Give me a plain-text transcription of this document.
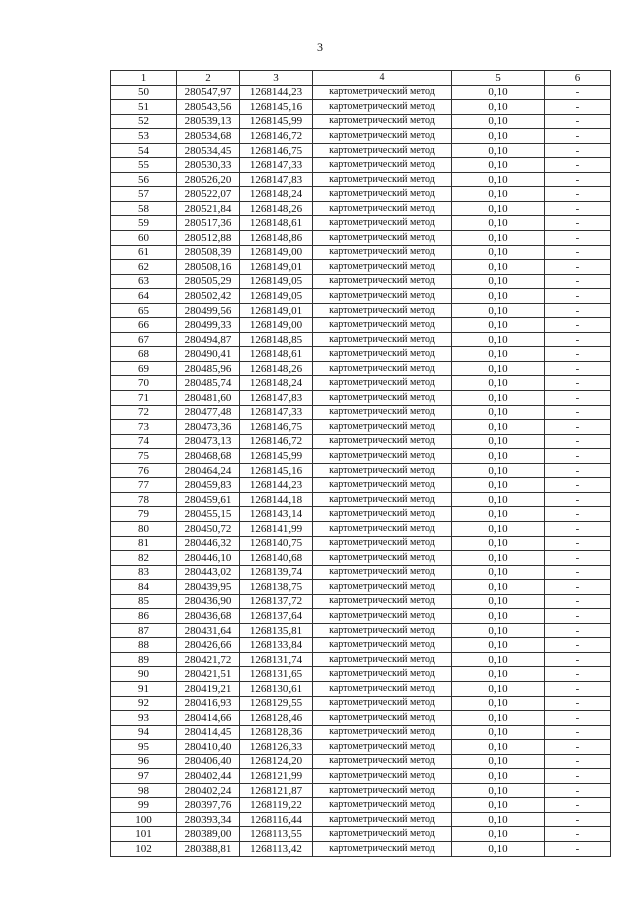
3
1	2	3	4	5	6
50	280547,97	1268144,23	картометрический метод	0,10	-
51	280543,56	1268145,16	картометрический метод	0,10	-
52	280539,13	1268145,99	картометрический метод	0,10	-
53	280534,68	1268146,72	картометрический метод	0,10	-
54	280534,45	1268146,75	картометрический метод	0,10	-
55	280530,33	1268147,33	картометрический метод	0,10	-
56	280526,20	1268147,83	картометрический метод	0,10	-
57	280522,07	1268148,24	картометрический метод	0,10	-
58	280521,84	1268148,26	картометрический метод	0,10	-
59	280517,36	1268148,61	картометрический метод	0,10	-
60	280512,88	1268148,86	картометрический метод	0,10	-
61	280508,39	1268149,00	картометрический метод	0,10	-
62	280508,16	1268149,01	картометрический метод	0,10	-
63	280505,29	1268149,05	картометрический метод	0,10	-
64	280502,42	1268149,05	картометрический метод	0,10	-
65	280499,56	1268149,01	картометрический метод	0,10	-
66	280499,33	1268149,00	картометрический метод	0,10	-
67	280494,87	1268148,85	картометрический метод	0,10	-
68	280490,41	1268148,61	картометрический метод	0,10	-
69	280485,96	1268148,26	картометрический метод	0,10	-
70	280485,74	1268148,24	картометрический метод	0,10	-
71	280481,60	1268147,83	картометрический метод	0,10	-
72	280477,48	1268147,33	картометрический метод	0,10	-
73	280473,36	1268146,75	картометрический метод	0,10	-
74	280473,13	1268146,72	картометрический метод	0,10	-
75	280468,68	1268145,99	картометрический метод	0,10	-
76	280464,24	1268145,16	картометрический метод	0,10	-
77	280459,83	1268144,23	картометрический метод	0,10	-
78	280459,61	1268144,18	картометрический метод	0,10	-
79	280455,15	1268143,14	картометрический метод	0,10	-
80	280450,72	1268141,99	картометрический метод	0,10	-
81	280446,32	1268140,75	картометрический метод	0,10	-
82	280446,10	1268140,68	картометрический метод	0,10	-
83	280443,02	1268139,74	картометрический метод	0,10	-
84	280439,95	1268138,75	картометрический метод	0,10	-
85	280436,90	1268137,72	картометрический метод	0,10	-
86	280436,68	1268137,64	картометрический метод	0,10	-
87	280431,64	1268135,81	картометрический метод	0,10	-
88	280426,66	1268133,84	картометрический метод	0,10	-
89	280421,72	1268131,74	картометрический метод	0,10	-
90	280421,51	1268131,65	картометрический метод	0,10	-
91	280419,21	1268130,61	картометрический метод	0,10	-
92	280416,93	1268129,55	картометрический метод	0,10	-
93	280414,66	1268128,46	картометрический метод	0,10	-
94	280414,45	1268128,36	картометрический метод	0,10	-
95	280410,40	1268126,33	картометрический метод	0,10	-
96	280406,40	1268124,20	картометрический метод	0,10	-
97	280402,44	1268121,99	картометрический метод	0,10	-
98	280402,24	1268121,87	картометрический метод	0,10	-
99	280397,76	1268119,22	картометрический метод	0,10	-
100	280393,34	1268116,44	картометрический метод	0,10	-
101	280389,00	1268113,55	картометрический метод	0,10	-
102	280388,81	1268113,42	картометрический метод	0,10	-
